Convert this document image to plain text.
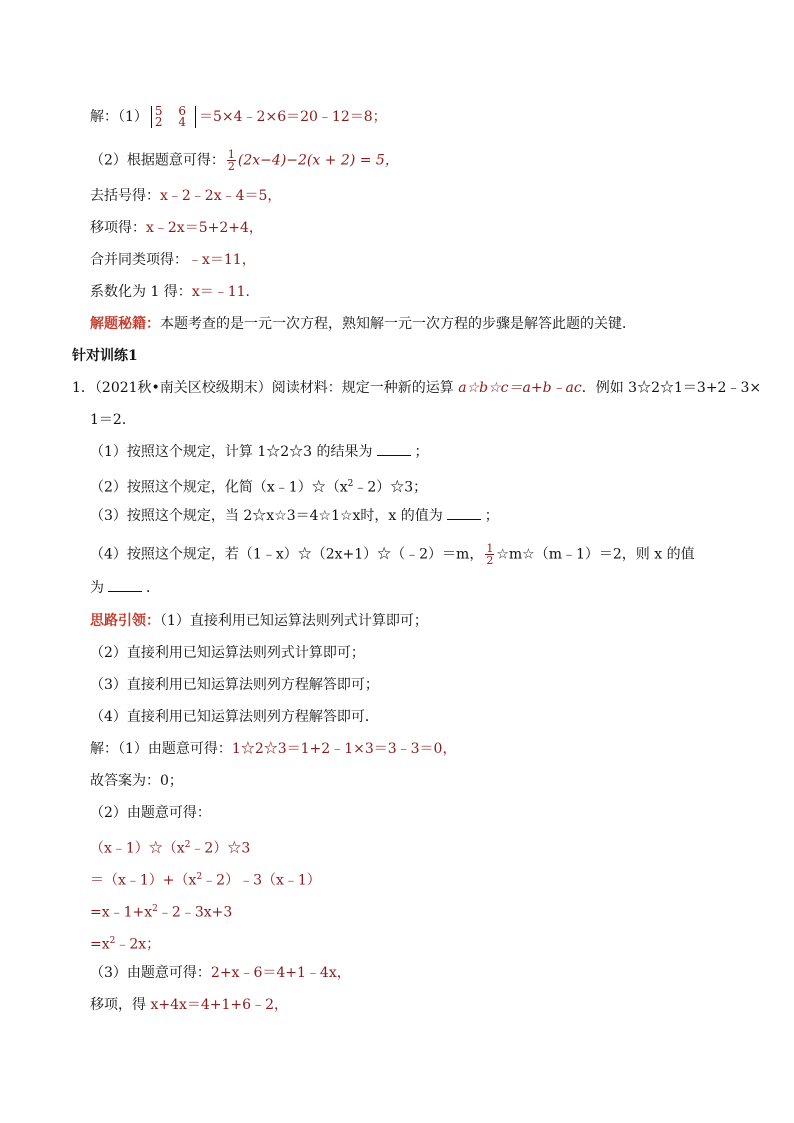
解：（1） 5 6
2 4 ＝5×4﹣2×6＝20﹣12＝8；
（2）根据题意可得： $\frac{1}{2} (2x-4)-2(x + 2) = 5$，
去括号得：x﹣2﹣2x﹣4＝5，
移项得：x﹣2x＝5+2+4，
合并同类项得：﹣x＝11，
系数化为 1 得：x＝﹣11．
解题秘籍：本题考查的是一元一次方程，熟知解一元一次方程的步骤是解答此题的关键．
针对训练1
1．（2021秋•南关区校级期末）阅读材料：规定一种新的运算 a☆b☆c＝a+b﹣ac．例如 3☆2☆1＝3+2﹣3×
1＝2．
（1）按照这个规定，计算 1☆2☆3 的结果为	；
（2）按照这个规定，化简$(x﹣1)☆(x^2﹣2)☆3$；
（3）按照这个规定，当 2☆x☆3＝4☆1☆x时，x 的值为	；
（4）按照这个规定，若（1﹣x）☆（2x+1）☆（﹣2）＝m， $\frac{1}{2}$ ☆m☆（m﹣1）＝2，则 x 的值
为	．
思路引领：（1）直接利用已知运算法则列式计算即可；
（2）直接利用已知运算法则列式计算即可；
（3）直接利用已知运算法则列方程解答即可；
（4）直接利用已知运算法则列方程解答即可．
解：（1）由题意可得：1☆2☆3＝1+2﹣1×3＝3﹣3＝0，
故答案为：0；
（2）由题意可得：
$(x﹣1)☆(x^2﹣2)☆3$
$=(x﹣1)+(x^2﹣2)﹣3(x﹣1)$
$=x﹣1+x^2﹣2﹣3x+3$
$=x^2﹣2x$；
（3）由题意可得：2+x﹣6＝4+1﹣4x，
移项，得 x+4x＝4+1+6﹣2，
